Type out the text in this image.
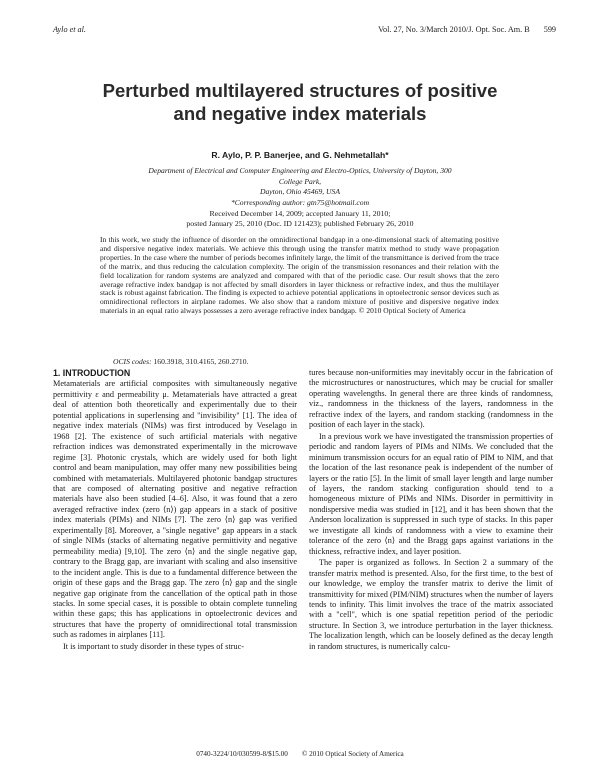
Aylo et al.	Vol. 27, No. 3/March 2010/J. Opt. Soc. Am. B 599
Perturbed multilayered structures of positive
and negative index materials
R. Aylo, P. P. Banerjee, and G. Nehmetallah*
Department of Electrical and Computer Engineering and Electro-Optics, University of Dayton, 300 College Park,
Dayton, Ohio 45469, USA
*Corresponding author: gtn75@hotmail.com
Received December 14, 2009; accepted January 11, 2010;
posted January 25, 2010 (Doc. ID 121423); published February 26, 2010
In this work, we study the influence of disorder on the omnidirectional bandgap in a one-dimensional stack of alternating positive and dispersive negative index materials. We achieve this through using the transfer matrix method to study wave propagation properties. In the case where the number of periods becomes infinitely large, the limit of the transmittance is derived from the trace of the matrix, and thus reducing the calculation complexity. The origin of the transmission resonances and their relation with the field localization for random systems are analyzed and compared with that of the periodic case. Our result shows that the zero average refractive index bandgap is not affected by small disorders in layer thickness or refractive index, and thus the multilayer stack is robust against fabrication. The finding is expected to achieve potential applications in optoelectronic sensor devices such as omnidirectional reflectors in airplane radomes. We also show that a random mixture of positive and dispersive negative index materials in an equal ratio always possesses a zero average refractive index bandgap. © 2010 Optical Society of America
OCIS codes: 160.3918, 310.4165, 260.2710.
1. INTRODUCTION

Metamaterials are artificial composites with simultaneously negative permittivity ε and permeability μ. Metamaterials have attracted a great deal of attention both theoretically and experimentally due to their potential applications in superlensing and "invisibility" [1]. The idea of negative index materials (NIMs) was first introduced by Veselago in 1968 [2]. The existence of such artificial materials with negative refraction indices was demonstrated experimentally in the microwave regime [3]. Photonic crystals, which are widely used for both light control and beam manipulation, may offer many new possibilities being combined with metamaterials. Multilayered photonic bandgap structures that are composed of alternating positive and negative refraction materials have also been studied [4–6]. Also, it was found that a zero averaged refractive index (zero ⟨n⟩) gap appears in a stack of positive index materials (PIMs) and NIMs [7]. The zero ⟨n⟩ gap was verified experimentally [8]. Moreover, a "single negative" gap appears in a stack of single NIMs (stacks of alternating negative permittivity and negative permeability media) [9,10]. The zero ⟨n⟩ and the single negative gap, contrary to the Bragg gap, are invariant with scaling and also insensitive to the incident angle. This is due to a fundamental difference between the origin of these gaps and the Bragg gap. The zero ⟨n⟩ gap and the single negative gap originate from the cancellation of the optical path in those stacks. In some special cases, it is possible to obtain complete tunneling within these gaps; this has applications in optoelectronic devices and structures that have the property of omnidirectional total transmission such as radomes in airplanes [11].

It is important to study disorder in these types of struc-

tures because non-uniformities may inevitably occur in the fabrication of the microstructures or nanostructures, which may be crucial for smaller operating wavelengths. In general there are three kinds of randomness, viz., randomness in the thickness of the layers, randomness in the refractive index of the layers, and random stacking (randomness in the position of each layer in the stack).

In a previous work we have investigated the transmission properties of periodic and random layers of PIMs and NIMs. We concluded that the minimum transmission occurs for an equal ratio of PIM to NIM, and that the location of the last resonance peak is independent of the number of layers or the ratio [5]. In the limit of small layer length and large number of layers, the random stacking configuration should tend to a homogeneous mixture of PIMs and NIMs. Disorder in permittivity in nondispersive media was studied in [12], and it has been shown that the Anderson localization is suppressed in such type of stacks. In this paper we investigate all kinds of randomness with a view to examine their tolerance of the zero ⟨n⟩ and the Bragg gaps against variations in the thickness, refractive index, and layer position.

The paper is organized as follows. In Section 2 a summary of the transfer matrix method is presented. Also, for the first time, to the best of our knowledge, we employ the transfer matrix to derive the limit of transmittivity for mixed (PIM/NIM) structures when the number of layers tends to infinity. This limit involves the trace of the matrix associated with a "cell", which is one spatial repetition period of the periodic structure. In Section 3, we introduce perturbation in the layer thickness. The localization length, which can be loosely defined as the decay length in random structures, is numerically calcu-

0740-3224/10/030599-8/$15.00 © 2010 Optical Society of America
